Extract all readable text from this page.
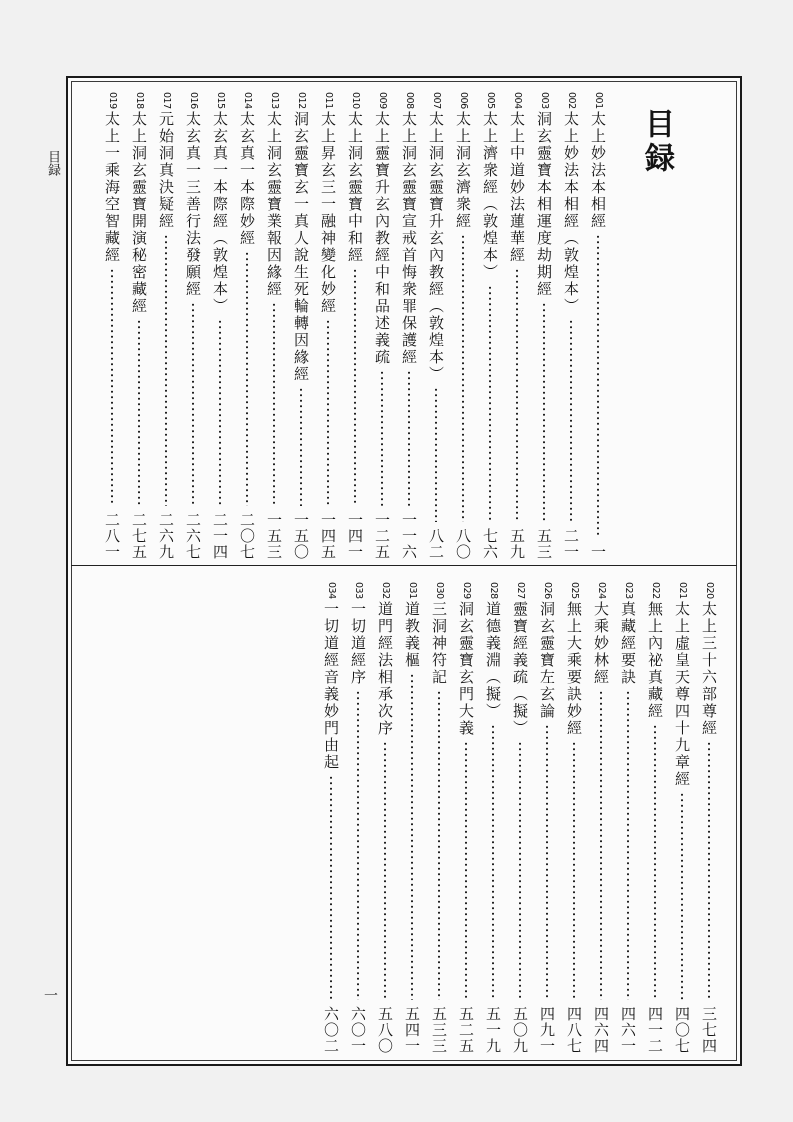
目録
一
目録
001
太上妙法本相經
一
002
太上妙法本相經（敦煌本）
二一
003
洞玄靈寶本相運度劫期經
五三
004
太上中道妙法蓮華經
五九
005
太上濟衆經（敦煌本）
七六
006
太上洞玄濟衆經
八〇
007
太上洞玄靈寶升玄內教經（敦煌本）
八二
008
太上洞玄靈寶宣戒首悔衆罪保護經
一一六
009
太上靈寶升玄內教經中和品述義疏
一二五
010
太上洞玄靈寶中和經
一四一
011
太上昇玄三一融神變化妙經
一四五
012
洞玄靈寶玄一真人說生死輪轉因緣經
一五〇
013
太上洞玄靈寶業報因緣經
一五三
014
太玄真一本際妙經
二〇七
015
太玄真一本際經（敦煌本）
二一四
016
太玄真一三善行法發願經
二六七
017
元始洞真決疑經
二六九
018
太上洞玄靈寶開演秘密藏經
二七五
019
太上一乘海空智藏經
二八一
020
太上三十六部尊經
三七四
021
太上虛皇天尊四十九章經
四〇七
022
無上內祕真藏經
四一二
023
真藏經要訣
四六一
024
大乘妙林經
四六四
025
無上大乘要訣妙經
四八七
026
洞玄靈寶左玄論
四九一
027
靈寶經義疏（擬）
五〇九
028
道德義淵（擬）
五一九
029
洞玄靈寶玄門大義
五二五
030
三洞神符記
五三三
031
道教義樞
五四一
032
道門經法相承次序
五八〇
033
一切道經序
六〇一
034
一切道經音義妙門由起
六〇二
